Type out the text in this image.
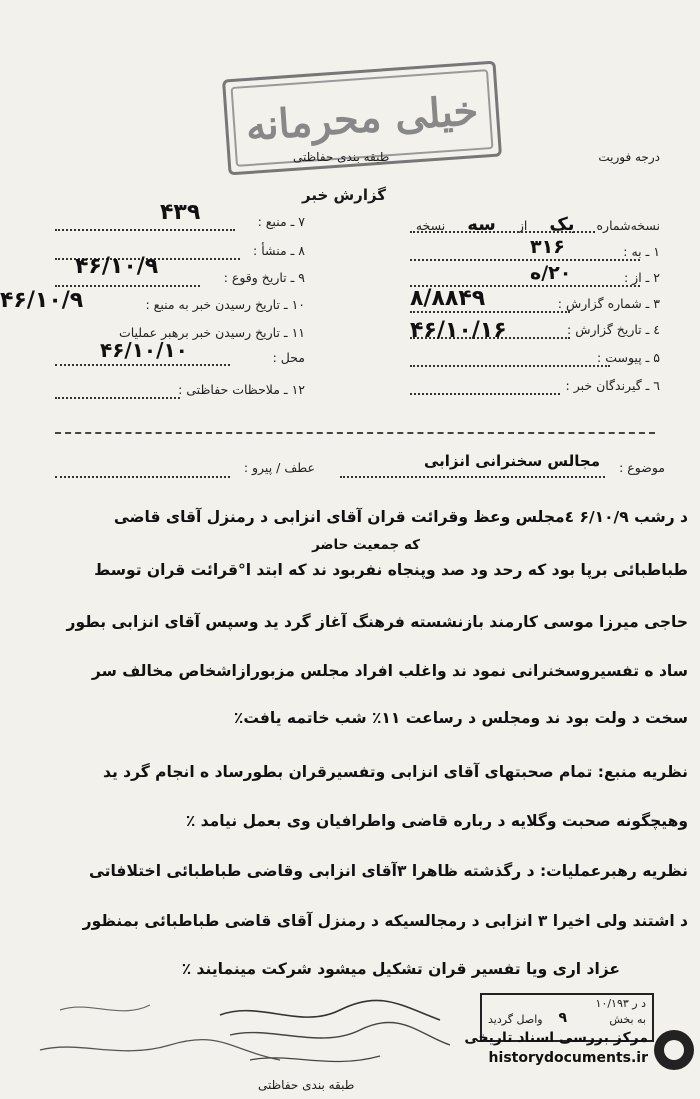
خیلی محرمانه
درجه فوریت
طبقه بندی حفاظتی
گزارش خبر
نسخه‌شماره یک از سه نسخه
۱ ـ به :
۳۱۶
۲ ـ از :
۲۰/ه
۳ ـ شماره گزارش :
۸/۸۸۴۹
٤ ـ تاریخ گزارش :
۴۶/۱۰/۱۶
۵ ـ پیوست :
٦ ـ گیرندگان خبر :
۷ ـ منبع :
۴۳۹
۸ ـ منشأ :
۹ ـ تاریخ وقوع :
۴۶/۱۰/۹
۱۰ ـ تاریخ رسیدن خبر به منبع :
۴۶/۱۰/۹
۱۱ ـ تاریخ رسیدن خبر برهبر عملیات
محل :
۴۶/۱۰/۱۰
۱۲ ـ ملاحظات حفاظتی :
موضوع :
مجالس سخنرانی انزابی
عطف / پیرو :
د رشب ۶/۱۰/۹ ٤مجلس وعظ وقرائت قران آقای انزابی د رمنزل آقای قاضی
که جمعیت حاضر
طباطبائی برپا بود که رحد ود صد وپنجاه نفربود ند که ابتد ا°قرائت قران توسط
حاجی میرزا موسی کارمند بازنشسته فرهنگ آغاز گرد ید وسپس آقای انزابی بطور
ساد ه تفسیروسخنرانی نمود ند واغلب افراد مجلس مزبورازاشخاص مخالف سر
سخت د ولت بود ند ومجلس د رساعت ۱۱٪ شب خاتمه یافت٪
نظریه منبع: تمام صحبتهای آقای انزابی وتفسیرقران بطورساد ه انجام گرد ید
وهیچگونه صحبت وگلایه د رباره قاضی واطرافیان وی بعمل نیامد ٪
نظریه رهبرعملیات: د رگذشته ظاهرا ۳آقای انزابی وقاضی طباطبائی اختلافاتی
د اشتند ولی اخیرا ۳ انزابی د رمجالسیکه د رمنزل آقای قاضی طباطبائی بمنظور
عزاد اری ویا تفسیر قران تشکیل میشود شرکت مینمایند ٪
د ر ۱۰/۱۹۳
به بخش
۹
واصل گردید
طبقه بندی حفاظتی
مرکز بررسی اسناد تاریخی
historydocuments.ir
